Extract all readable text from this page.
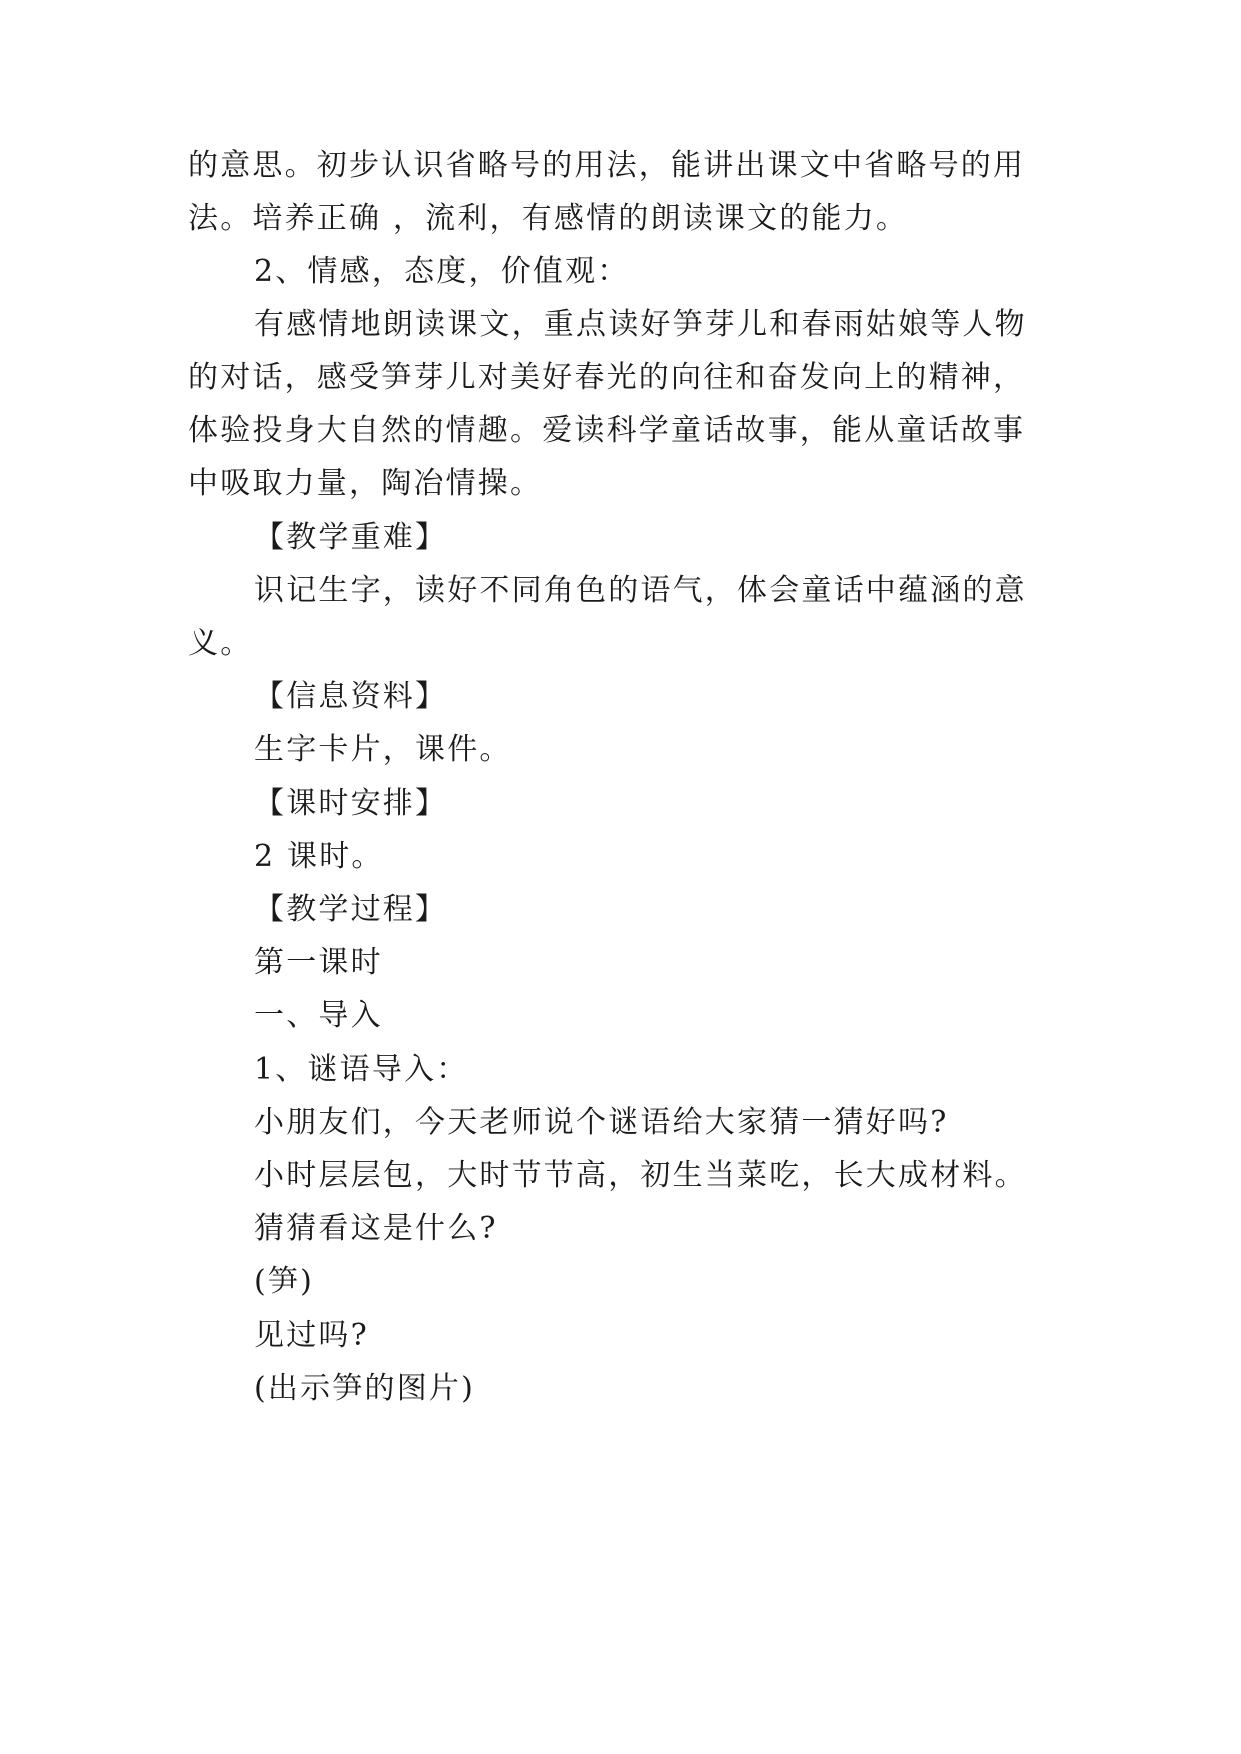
的意思。初步认识省略号的用法，能讲出课文中省略号的用
法。培养正确 ，流利，有感情的朗读课文的能力。
2、情感，态度，价值观：
有感情地朗读课文，重点读好笋芽儿和春雨姑娘等人物
的对话，感受笋芽儿对美好春光的向往和奋发向上的精神，
体验投身大自然的情趣。爱读科学童话故事，能从童话故事
中吸取力量，陶冶情操。
【教学重难】
识记生字，读好不同角色的语气，体会童话中蕴涵的意
义。
【信息资料】
生字卡片，课件。
【课时安排】
2 课时。
【教学过程】
第一课时
一、导入
1、谜语导入：
小朋友们，今天老师说个谜语给大家猜一猜好吗?
小时层层包，大时节节高，初生当菜吃，长大成材料。
猜猜看这是什么?
(笋)
见过吗?
(出示笋的图片)
